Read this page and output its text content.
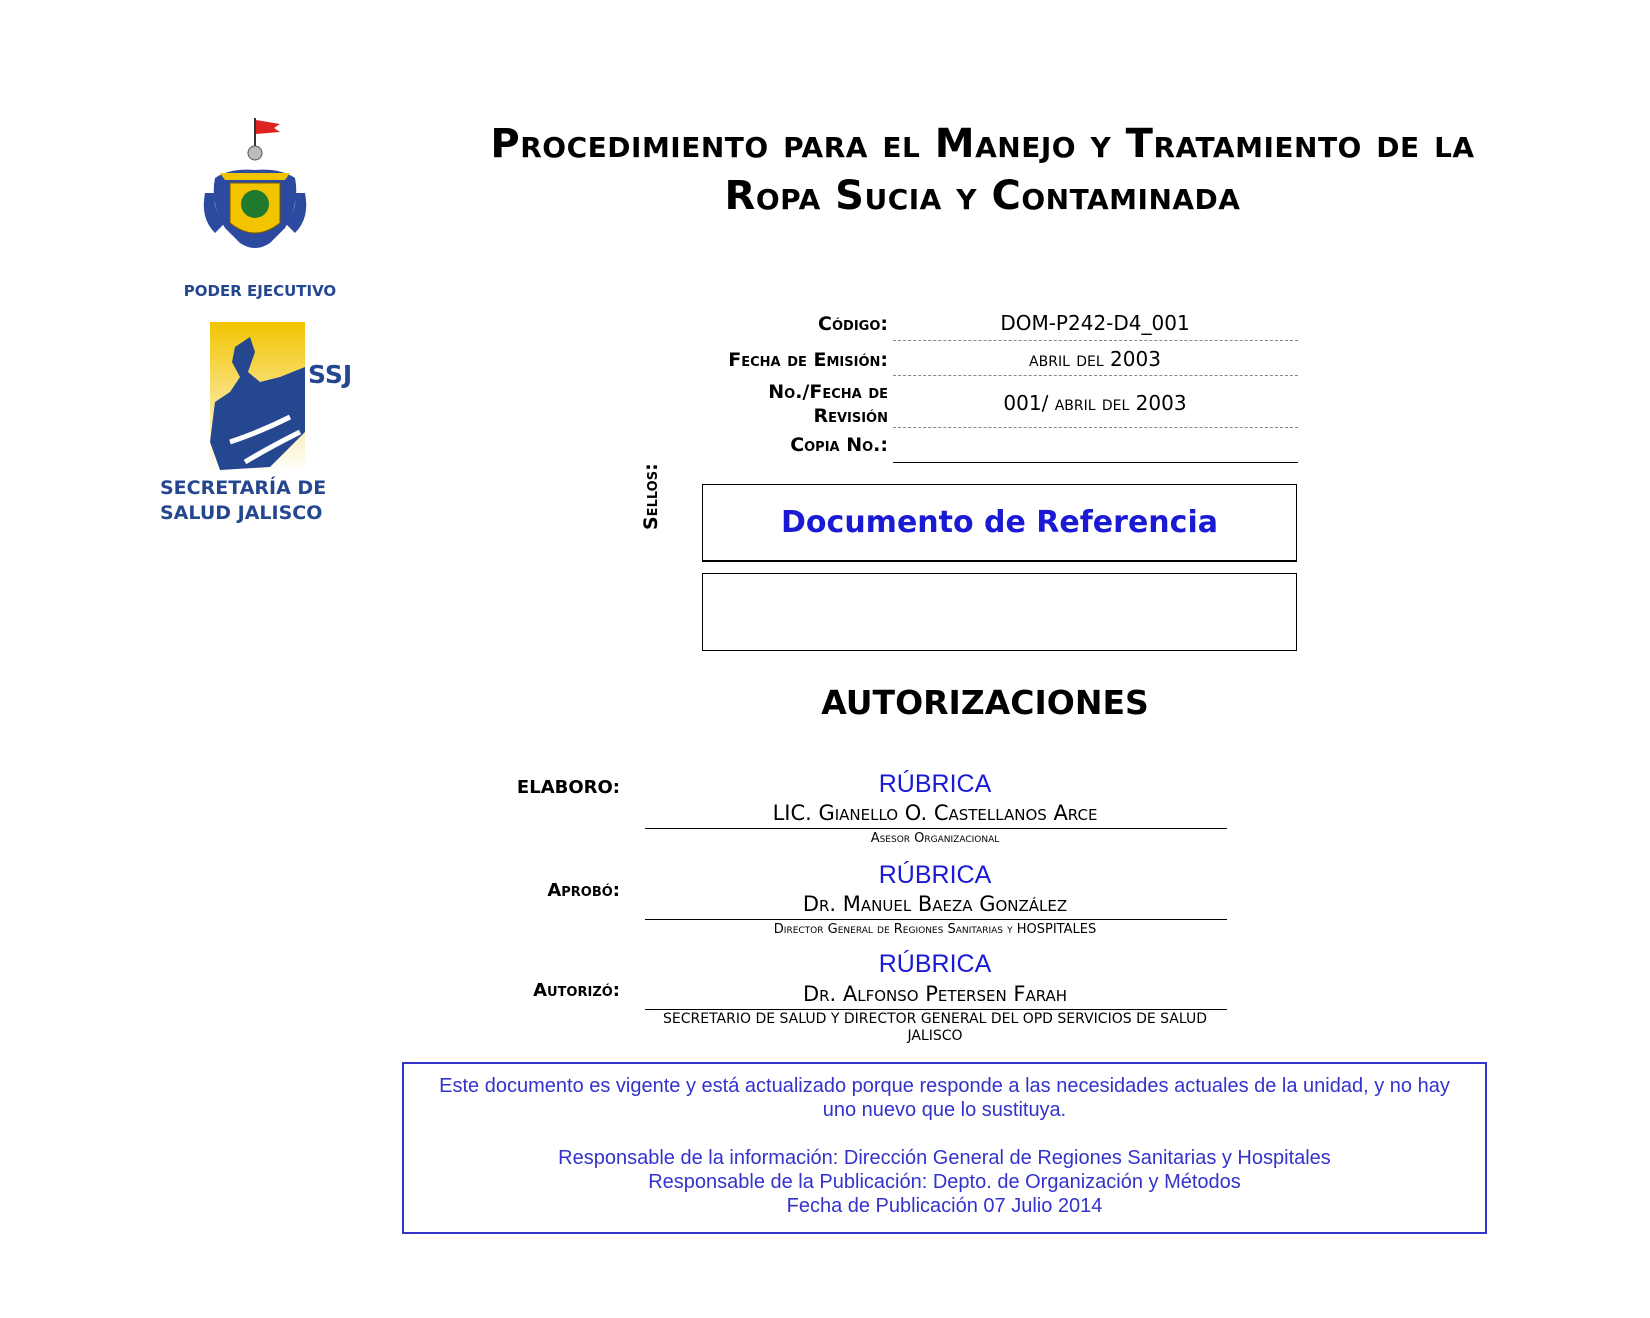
Procedimiento para el Manejo y Tratamiento de la
Ropa Sucia y Contaminada
PODER EJECUTIVO
SSJ
SECRETARÍA DE
SALUD JALISCO
Código:	DOM-P242-D4_001
Fecha de Emisión:	abril del 2003
No./Fecha de
Revisión
001/ abril del 2003
Copia No.:
Sellos:	Documento de Referencia
AUTORIZACIONES
ELABORO:	RÚBRICA
LIC. Gianello O. Castellanos Arce
Asesor Organizacional
Aprobó:
RÚBRICA
Dr. Manuel Baeza González
Director General de Regiones Sanitarias y HOSPITALES
Autorizó:
RÚBRICA
Dr. Alfonso Petersen Farah
SECRETARIO DE SALUD Y DIRECTOR GENERAL DEL OPD SERVICIOS DE SALUD JALISCO

Este documento es vigente y está actualizado porque responde a las necesidades actuales de la unidad, y no hay uno nuevo que lo sustituya.

Responsable de la información: Dirección General de Regiones Sanitarias y Hospitales

Responsable de la Publicación: Depto. de Organización y Métodos

Fecha de Publicación 07 Julio 2014
